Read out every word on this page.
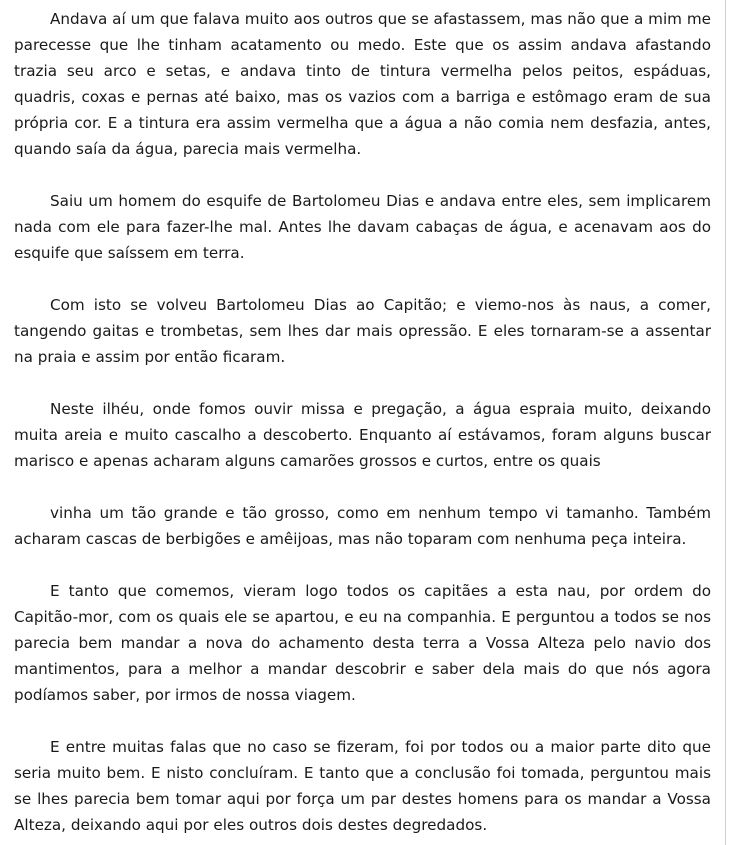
Andava aí um que falava muito aos outros que se afastassem, mas não que a mim me parecesse que lhe tinham acatamento ou medo. Este que os assim andava afastando trazia seu arco e setas, e andava tinto de tintura vermelha pelos peitos, espáduas, quadris, coxas e pernas até baixo, mas os vazios com a barriga e estômago eram de sua própria cor. E a tintura era assim vermelha que a água a não comia nem desfazia, antes, quando saía da água, parecia mais vermelha.

Saiu um homem do esquife de Bartolomeu Dias e andava entre eles, sem implicarem nada com ele para fazer-lhe mal. Antes lhe davam cabaças de água, e acenavam aos do esquife que saíssem em terra.

Com isto se volveu Bartolomeu Dias ao Capitão; e viemo-nos às naus, a comer, tangendo gaitas e trombetas, sem lhes dar mais opressão. E eles tornaram-se a assentar na praia e assim por então ficaram.

Neste ilhéu, onde fomos ouvir missa e pregação, a água espraia muito, deixando muita areia e muito cascalho a descoberto. Enquanto aí estávamos, foram alguns buscar marisco e apenas acharam alguns camarões grossos e curtos, entre os quais

vinha um tão grande e tão grosso, como em nenhum tempo vi tamanho. Também acharam cascas de berbigões e amêijoas, mas não toparam com nenhuma peça inteira.

E tanto que comemos, vieram logo todos os capitães a esta nau, por ordem do Capitão-mor, com os quais ele se apartou, e eu na companhia. E perguntou a todos se nos parecia bem mandar a nova do achamento desta terra a Vossa Alteza pelo navio dos mantimentos, para a melhor a mandar descobrir e saber dela mais do que nós agora podíamos saber, por irmos de nossa viagem.

E entre muitas falas que no caso se fizeram, foi por todos ou a maior parte dito que seria muito bem. E nisto concluíram. E tanto que a conclusão foi tomada, perguntou mais se lhes parecia bem tomar aqui por força um par destes homens para os mandar a Vossa Alteza, deixando aqui por eles outros dois destes degredados.
